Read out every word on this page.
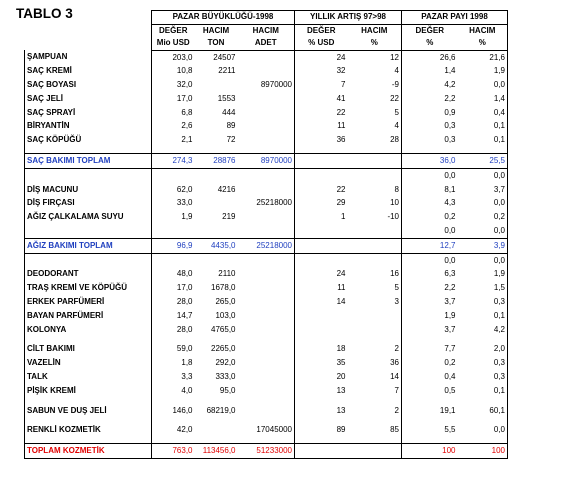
TABLO 3
		PAZAR BÜYÜKLÜĞÜ-1998			YILLIK ARTIŞ 97>98		PAZAR PAYI 1998	
	DEĞER	HACIM	HACIM	DEĞER	HACIM	DEĞER	HACIM
	Mio USD	TON	ADET	% USD	%	%	%
ŞAMPUAN	203,0	24507		24	12	26,6	21,6
SAÇ KREMİ	10,8	2211		32	4	1,4	1,9
SAÇ BOYASI	32,0		8970000	7	-9	4,2	0,0
SAÇ JELİ	17,0	1553		41	22	2,2	1,4
SAÇ SPRAYİ	6,8	444		22	5	0,9	0,4
BİRYANTİN	2,6	89		11	4	0,3	0,1
SAÇ KÖPÜĞÜ	2,1	72		36	28	0,3	0,1

SAÇ BAKIMI TOPLAM	274,3	28876	8970000			36,0	25,5
						0,0	0,0
DİŞ MACUNU	62,0	4216		22	8	8,1	3,7
DİŞ FIRÇASI	33,0		25218000	29	10	4,3	0,0
AĞIZ ÇALKALAMA SUYU	1,9	219		1	-10	0,2	0,2
						0,0	0,0
AĞIZ BAKIMI TOPLAM	96,9	4435,0	25218000			12,7	3,9
						0,0	0,0
DEODORANT	48,0	2110		24	16	6,3	1,9
TRAŞ KREMİ VE KÖPÜĞÜ	17,0	1678,0		11	5	2,2	1,5
ERKEK PARFÜMERİ	28,0	265,0		14	3	3,7	0,3
BAYAN PARFÜMERİ	14,7	103,0				1,9	0,1
KOLONYA	28,0	4765,0				3,7	4,2

CİLT BAKIMI	59,0	2265,0		18	2	7,7	2,0
VAZELİN	1,8	292,0		35	36	0,2	0,3
TALK	3,3	333,0		20	14	0,4	0,3
PİŞİK KREMİ	4,0	95,0		13	7	0,5	0,1

SABUN VE DUŞ JELİ	146,0	68219,0		13	2	19,1	60,1

RENKLİ KOZMETİK	42,0		17045000	89	85	5,5	0,0

TOPLAM KOZMETİK	763,0	113456,0	51233000			100	100
